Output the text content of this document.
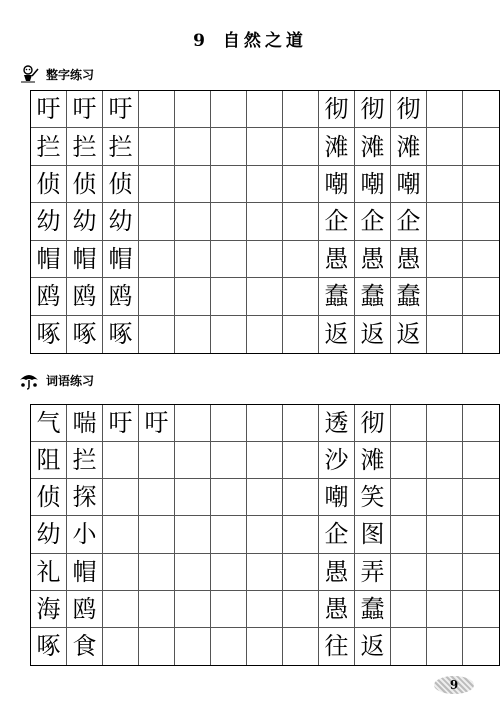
9 自然之道
整字练习
吁 吁 吁	彻 彻 彻
拦 拦 拦	滩 滩 滩
侦 侦 侦	嘲 嘲 嘲
幼 幼 幼	企 企 企
帽 帽 帽	愚 愚 愚
鸥 鸥 鸥	蠢 蠢 蠢
啄 啄 啄	返 返 返
词语练习
气 喘 吁 吁	透 彻
阻 拦	沙 滩
侦 探	嘲 笑
幼 小	企 图
礼 帽	愚 弄
海 鸥	愚 蠢
啄 食	往 返
9
